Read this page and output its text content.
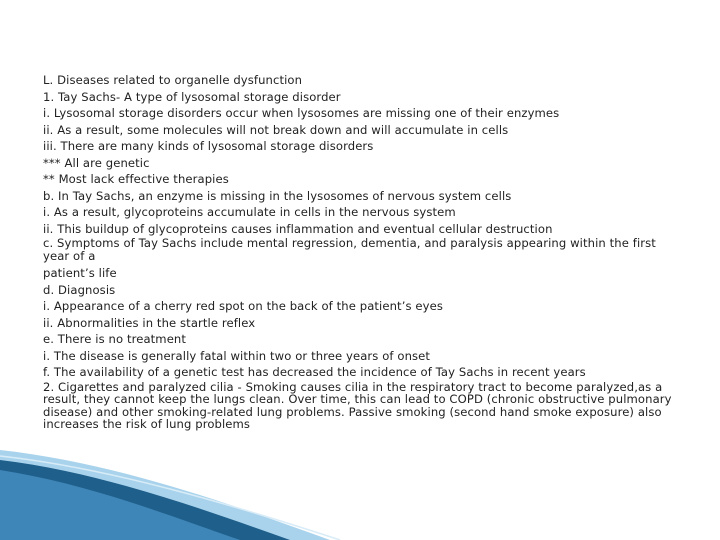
L. Diseases related to organelle dysfunction

1. Tay Sachs- A type of lysosomal storage disorder

i. Lysosomal storage disorders occur when lysosomes are missing one of their enzymes

ii. As a result, some molecules will not break down and will accumulate in cells

iii. There are many kinds of lysosomal storage disorders

*** All are genetic

** Most lack effective therapies

b. In Tay Sachs, an enzyme is missing in the lysosomes of nervous system cells

i. As a result, glycoproteins accumulate in cells in the nervous system

ii. This buildup of glycoproteins causes inflammation and eventual cellular destruction

c. Symptoms of Tay Sachs include mental regression, dementia, and paralysis appearing within the first year of a

patient’s life

d. Diagnosis

i. Appearance of a cherry red spot on the back of the patient’s eyes

ii. Abnormalities in the startle reflex

e. There is no treatment

i. The disease is generally fatal within two or three years of onset

f. The availability of a genetic test has decreased the incidence of Tay Sachs in recent years

2. Cigarettes and paralyzed cilia - Smoking causes cilia in the respiratory tract to become paralyzed,as a result, they cannot keep the lungs clean. Over time, this can lead to COPD (chronic obstructive pulmonary disease) and other smoking-related lung problems. Passive smoking (second hand smoke exposure) also increases the risk of lung problems
